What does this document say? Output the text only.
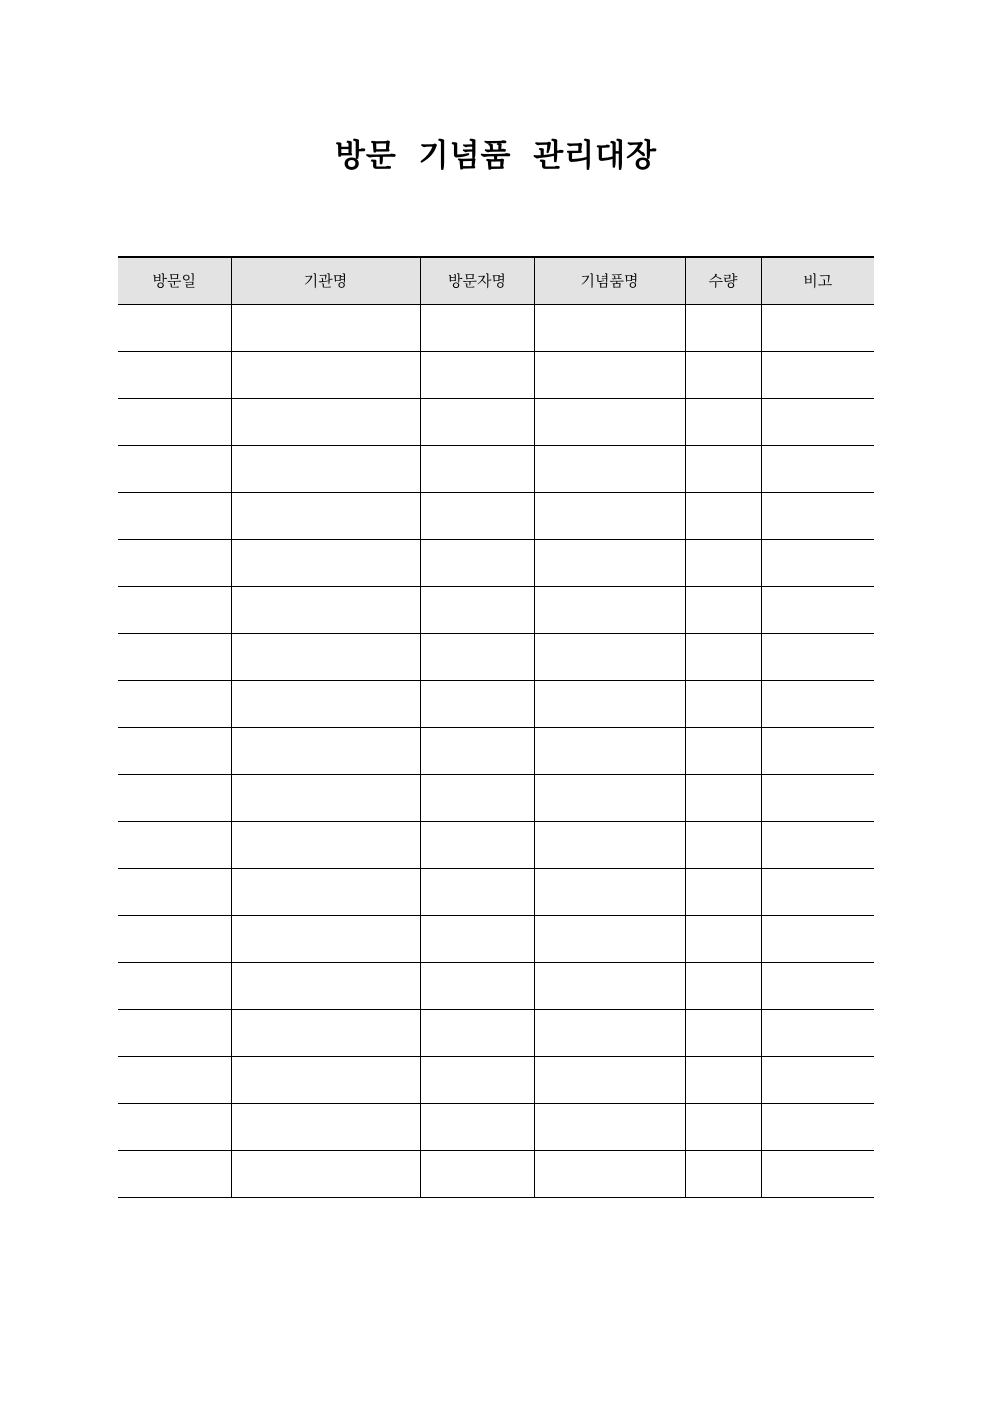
방문 기념품 관리대장
방문일	기관명	방문자명	기념품명	수량	비고
